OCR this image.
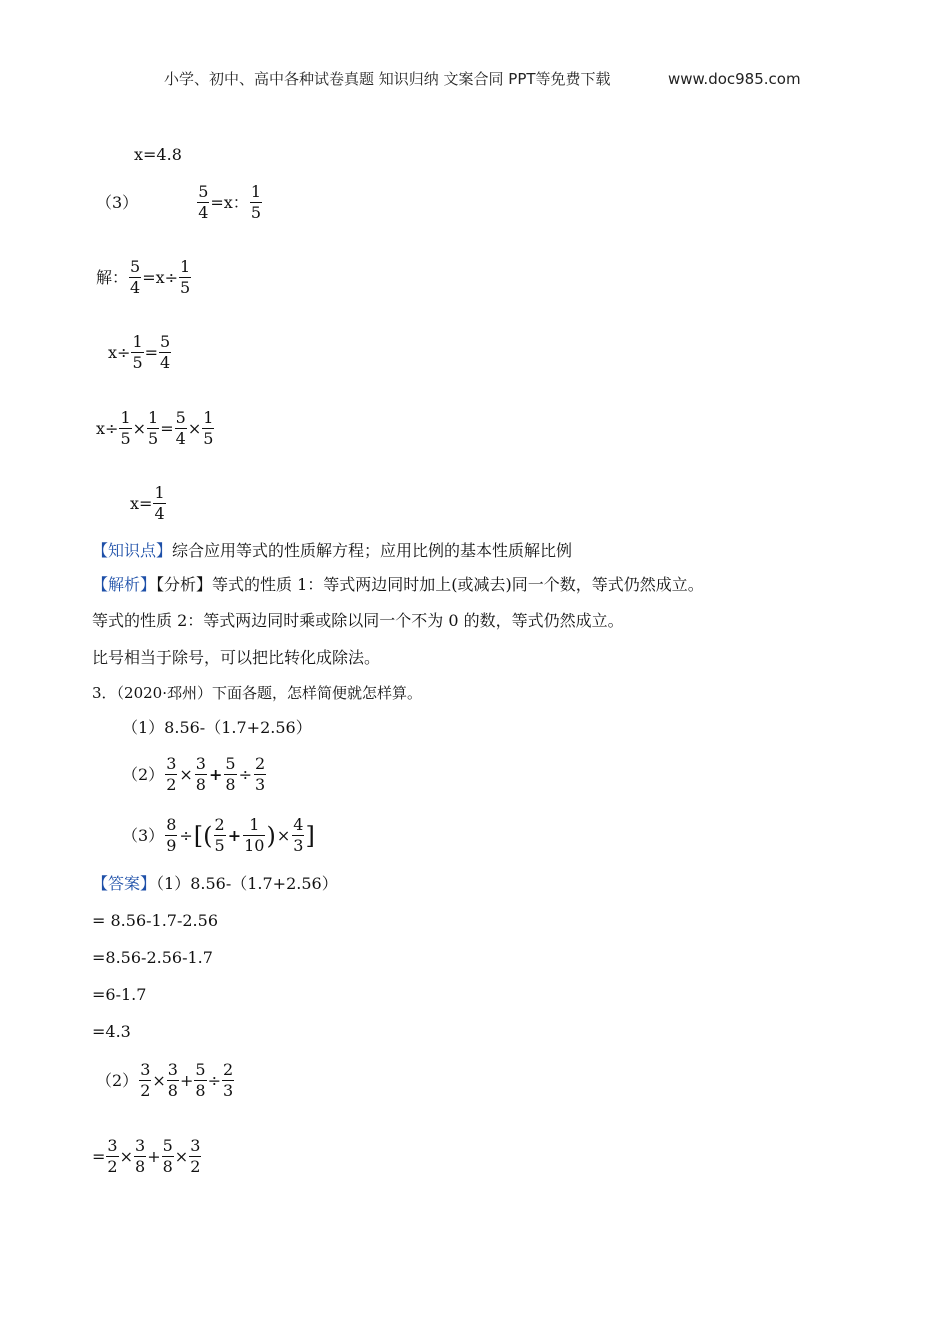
小学、初中、高中各种试卷真题 知识归纳 文案合同 PPT等免费下载	www.doc985.com
x=4.8
（3）	$\frac{5}{4} =x$： $\frac{1}{5}$
解： $\frac{5}{4} =x\div \frac{1}{5}$
$x\div \frac{1}{5} = \frac{5}{4}$
$x\div \frac{1}{5} \times \frac{1}{5} = \frac{5}{4} \times \frac{1}{5}$
$x= \frac{1}{4}$
【知识点】综合应用等式的性质解方程；应用比例的基本性质解比例
【解析】【分析】等式的性质 1：等式两边同时加上(或减去)同一个数，等式仍然成立。
等式的性质 2：等式两边同时乘或除以同一个不为 0 的数，等式仍然成立。
比号相当于除号，可以把比转化成除法。
3．（2020·邳州）下面各题，怎样简便就怎样算。
（1）8.56-（1.7+2.56）
$(2) \frac{3}{2} \times \frac{3}{8} + \frac{5}{8} \div \frac{2}{3}$
$(3) \frac{8}{9}$ ÷ [ ( $\frac{2}{5} + \frac{1}{10}$ ) × $\frac{4}{3}$ ]
【答案】（1）8.56-（1.7+2.56）
= 8.56-1.7-2.56
=8.56-2.56-1.7
=6-1.7
=4.3
$(2) \frac{3}{2} \times \frac{3}{8} + \frac{5}{8} \div \frac{2}{3}$
= $\frac{3}{2} \times \frac{3}{8} + \frac{5}{8} \times \frac{3}{2}$
